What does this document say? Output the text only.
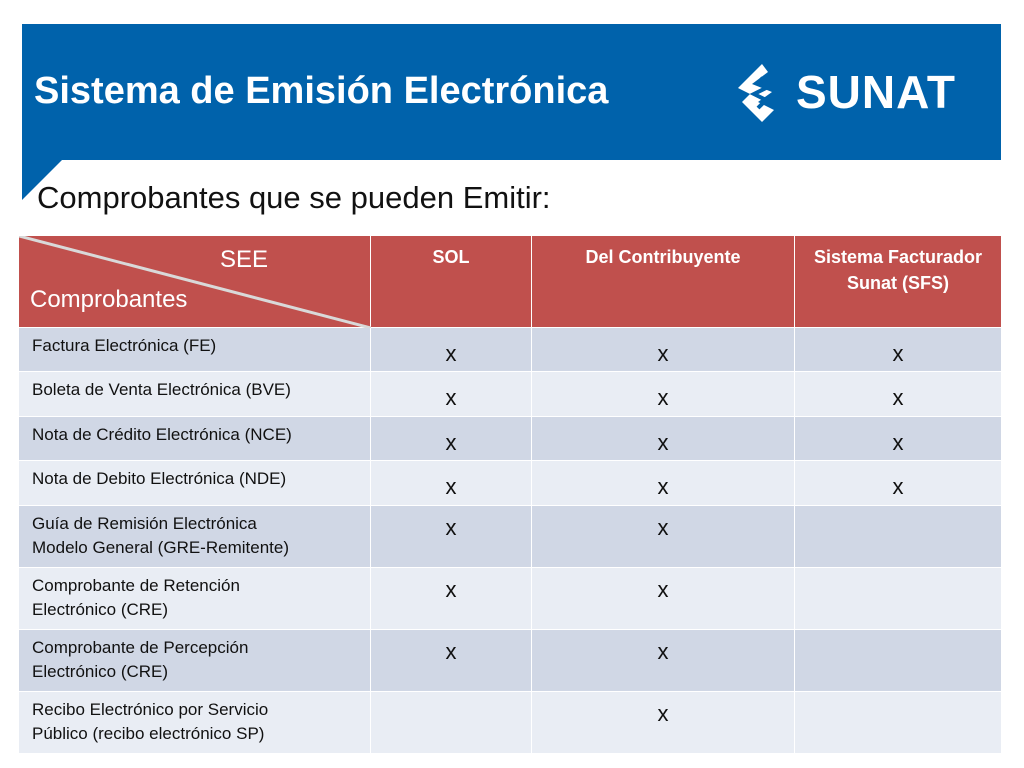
Sistema de Emisión Electrónica	SUNAT
Comprobantes que se pueden Emitir:
SEE
Comprobantes	SOL	Del Contribuyente	Sistema Facturador Sunat (SFS)

Factura Electrónica (FE)	x	x	x

Boleta de Venta Electrónica (BVE)	x	x	x

Nota de Crédito Electrónica (NCE)	x	x	x

Nota de Debito Electrónica (NDE)	x	x	x

Guía de Remisión Electrónica
Modelo General (GRE-Remitente)	x	x	

Comprobante de Retención
Electrónico (CRE)	x	x	

Comprobante de Percepción
Electrónico (CRE)	x	x	

Recibo Electrónico por Servicio
Público (recibo electrónico SP)		x	
